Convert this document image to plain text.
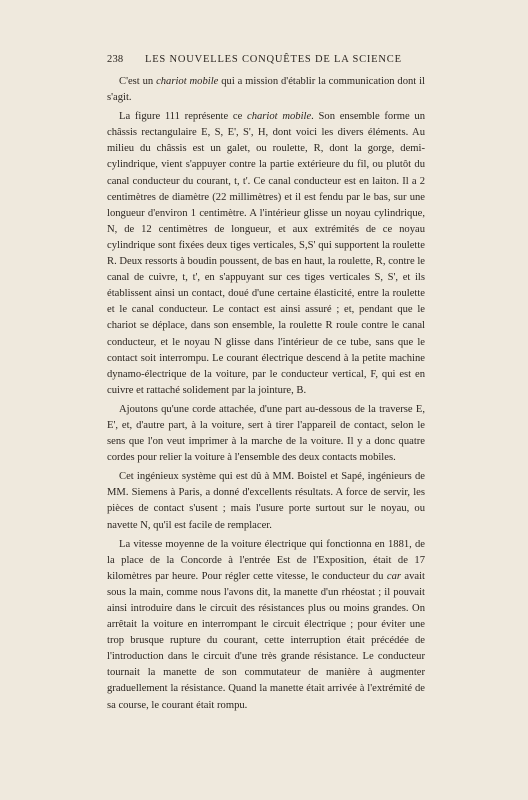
238 LES NOUVELLES CONQUÊTES DE LA SCIENCE

C'est un chariot mobile qui a mission d'établir la communication dont il s'agit.

La figure 111 représente ce chariot mobile. Son ensemble forme un châssis rectangulaire E, S, E', S', H, dont voici les divers éléments. Au milieu du châssis est un galet, ou roulette, R, dont la gorge, demi-cylindrique, vient s'appuyer contre la partie extérieure du fil, ou plutôt du canal conducteur du courant, t, t'. Ce canal conducteur est en laiton. Il a 2 centimètres de diamètre (22 millimètres) et il est fendu par le bas, sur une longueur d'environ 1 centimètre. A l'intérieur glisse un noyau cylindrique, N, de 12 centimètres de longueur, et aux extrémités de ce noyau cylindrique sont fixées deux tiges verticales, S,S' qui supportent la roulette R. Deux ressorts à boudin poussent, de bas en haut, la roulette, R, contre le canal de cuivre, t, t', en s'appuyant sur ces tiges verticales S, S', et ils établissent ainsi un contact, doué d'une certaine élasticité, entre la roulette et le canal conducteur. Le contact est ainsi assuré ; et, pendant que le chariot se déplace, dans son ensemble, la roulette R roule contre le canal conducteur, et le noyau N glisse dans l'intérieur de ce tube, sans que le contact soit interrompu. Le courant électrique descend à la petite machine dynamo-électrique de la voiture, par le conducteur vertical, F, qui est en cuivre et rattaché solidement par la jointure, B.

Ajoutons qu'une corde attachée, d'une part au-dessous de la traverse E, E', et, d'autre part, à la voiture, sert à tirer l'appareil de contact, selon le sens que l'on veut imprimer à la marche de la voiture. Il y a donc quatre cordes pour relier la voiture à l'ensemble des deux contacts mobiles.

Cet ingénieux système qui est dû à MM. Boistel et Sapé, ingénieurs de MM. Siemens à Paris, a donné d'excellents résultats. A force de servir, les pièces de contact s'usent ; mais l'usure porte surtout sur le noyau, ou navette N, qu'il est facile de remplacer.

La vitesse moyenne de la voiture électrique qui fonctionna en 1881, de la place de la Concorde à l'entrée Est de l'Exposition, était de 17 kilomètres par heure. Pour régler cette vitesse, le conducteur du car avait sous la main, comme nous l'avons dit, la manette d'un rhéostat ; il pouvait ainsi introduire dans le circuit des résistances plus ou moins grandes. On arrêtait la voiture en interrompant le circuit électrique ; pour éviter une trop brusque rupture du courant, cette interruption était précédée de l'introduction dans le circuit d'une très grande résistance. Le conducteur tournait la manette de son commutateur de manière à augmenter graduellement la résistance. Quand la manette était arrivée à l'extrémité de sa course, le courant était rompu.
